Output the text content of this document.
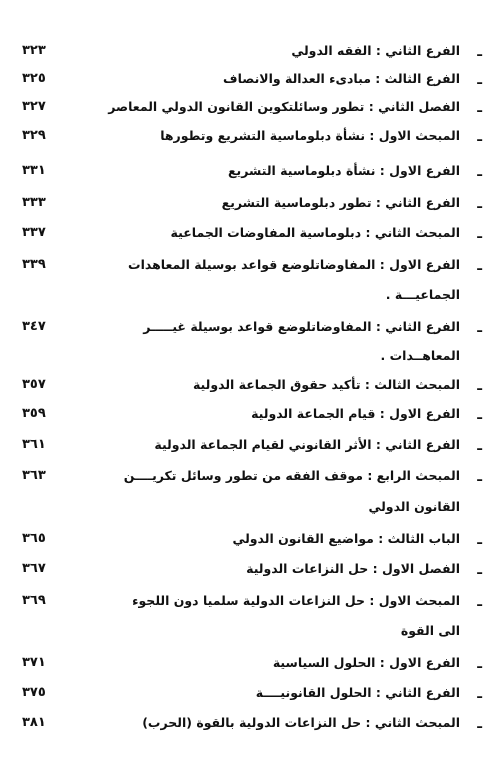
ـ
الفرع الثاني : الفقه الدولي
٣٢٣
ـ
الفرع الثالث : مبادىء العدالة والانصاف
٣٢٥
ـ
الفصل الثاني : تطور وسائلتكوين القانون الدولي المعاصر
٣٢٧
ـ
المبحث الاول : نشأة دبلوماسية التشريع وتطورها
٣٢٩
ـ
الفرع الاول : نشأة دبلوماسية التشريع
٣٣١
ـ
الفرع الثاني : تطور دبلوماسية التشريع
٣٣٣
ـ
المبحث الثاني : دبلوماسية المفاوضات الجماعية
٣٣٧
ـ
الفرع الاول : المفاوضاتلوضع قواعد بوسيلة المعاهدات
٣٣٩
الجماعيـــة .
ـ
الفرع الثاني : المفاوضاتلوضع قواعد بوسيلة غيـــــر
٣٤٧
المعاهــدات .
ـ
المبحث الثالث : تأكيد حقوق الجماعة الدولية
٣٥٧
ـ
الفرع الاول : قيام الجماعة الدولية
٣٥٩
ـ
الفرع الثاني : الأثر القانوني لقيام الجماعة الدولية
٣٦١
ـ
المبحث الرابع : موقف الفقه من تطور وسائل تكريــــن
٣٦٣
القانون الدولي
ـ
الباب الثالث : مواضيع القانون الدولي
٣٦٥
ـ
الفصل الاول : حل النزاعات الدولية
٣٦٧
ـ
المبحث الاول : حل النزاعات الدولية سلميا دون اللجوء
٣٦٩
الى القوة
ـ
الفرع الاول : الحلول السياسية
٣٧١
ـ
الفرع الثاني : الحلول القانونيــــة
٣٧٥
ـ
المبحث الثاني : حل النزاعات الدولية بالقوة (الحرب)
٣٨١
